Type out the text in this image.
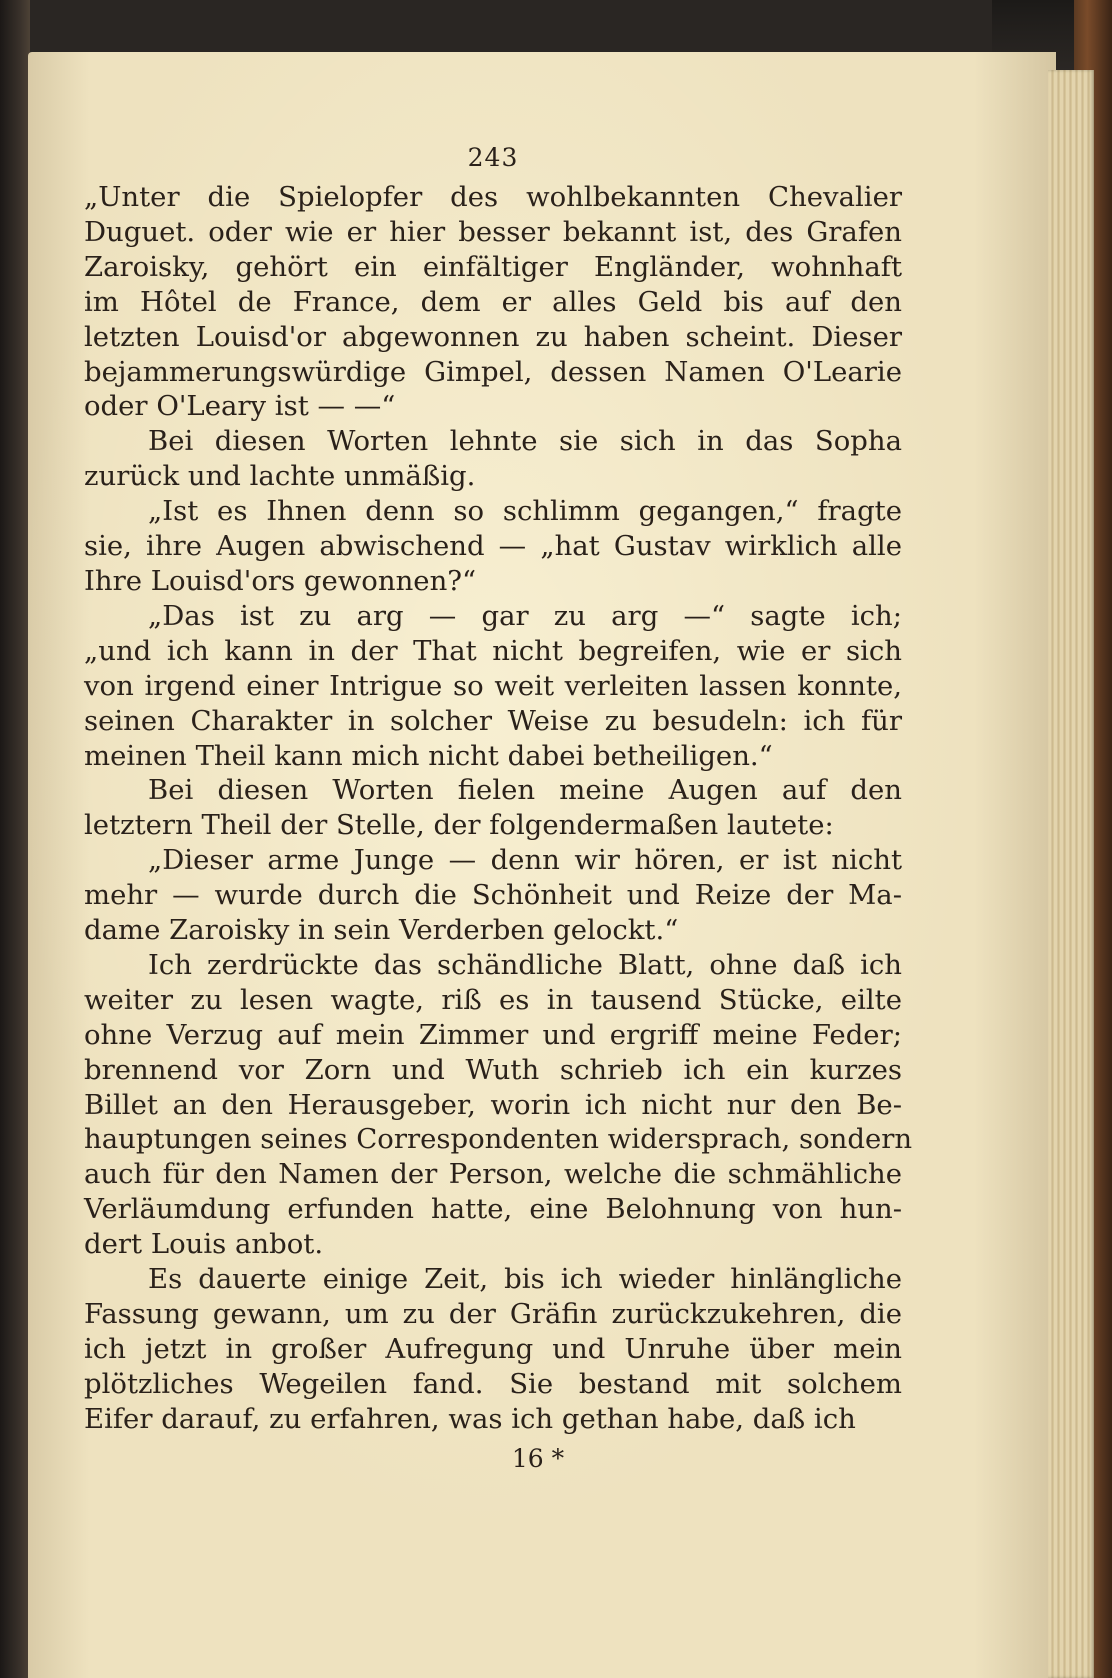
243
„Unter die Spielopfer des wohlbekannten Chevalier
Duguet. oder wie er hier besser bekannt ist, des Grafen
Zaroisky, gehört ein einfältiger Engländer, wohnhaft
im Hôtel de France, dem er alles Geld bis auf den
letzten Louisd'or abgewonnen zu haben scheint. Dieser
bejammerungswürdige Gimpel, dessen Namen O'Learie
oder O'Leary ist — —“
Bei diesen Worten lehnte sie sich in das Sopha
zurück und lachte unmäßig.
„Ist es Ihnen denn so schlimm gegangen,“ fragte
sie, ihre Augen abwischend — „hat Gustav wirklich alle
Ihre Louisd'ors gewonnen?“
„Das ist zu arg — gar zu arg —“ sagte ich;
„und ich kann in der That nicht begreifen, wie er sich
von irgend einer Intrigue so weit verleiten lassen konnte,
seinen Charakter in solcher Weise zu besudeln: ich für
meinen Theil kann mich nicht dabei betheiligen.“
Bei diesen Worten fielen meine Augen auf den
letztern Theil der Stelle, der folgendermaßen lautete:
„Dieser arme Junge — denn wir hören, er ist nicht
mehr — wurde durch die Schönheit und Reize der Ma-
dame Zaroisky in sein Verderben gelockt.“
Ich zerdrückte das schändliche Blatt, ohne daß ich
weiter zu lesen wagte, riß es in tausend Stücke, eilte
ohne Verzug auf mein Zimmer und ergriff meine Feder;
brennend vor Zorn und Wuth schrieb ich ein kurzes
Billet an den Herausgeber, worin ich nicht nur den Be-
hauptungen seines Correspondenten widersprach, sondern
auch für den Namen der Person, welche die schmähliche
Verläumdung erfunden hatte, eine Belohnung von hun-
dert Louis anbot.
Es dauerte einige Zeit, bis ich wieder hinlängliche
Fassung gewann, um zu der Gräfin zurückzukehren, die
ich jetzt in großer Aufregung und Unruhe über mein
plötzliches Wegeilen fand. Sie bestand mit solchem
Eifer darauf, zu erfahren, was ich gethan habe, daß ich
16 *
